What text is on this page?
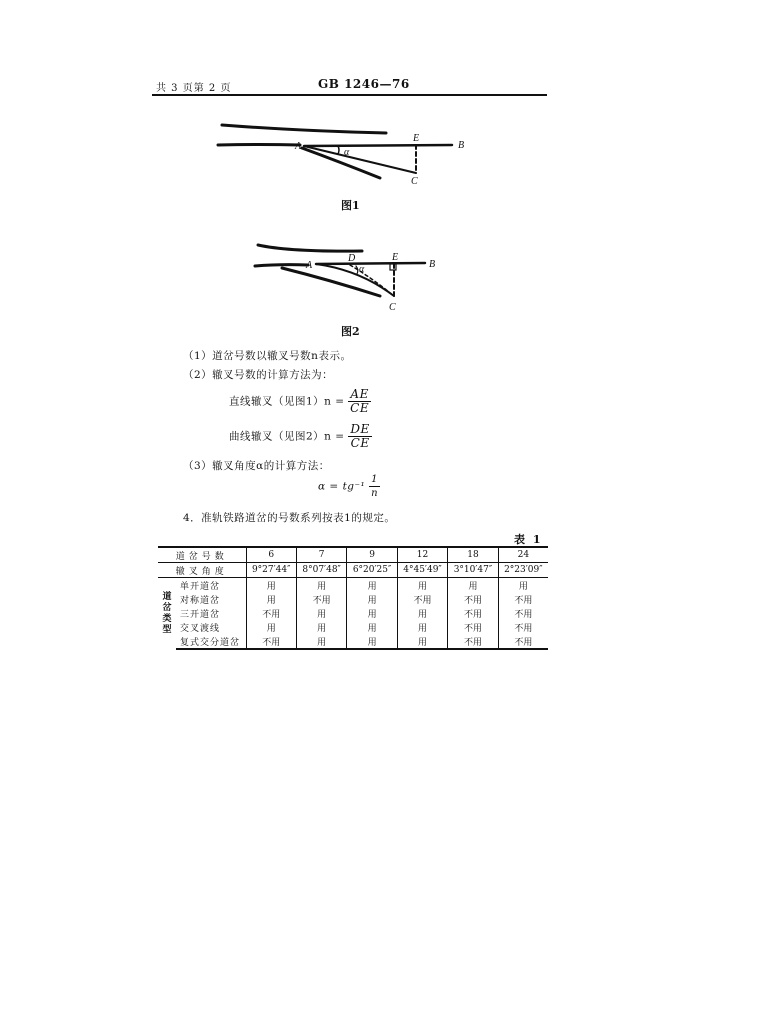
共 3 页第 2 页	GB 1246—76
A
α
E
B
C
A
D
α
E
B
C
图1
图2
（1）道岔号数以辙叉号数n表示。
（2）辙叉号数的计算方法为：
直线辙叉（见图$1)n = \frac{AE}{CE}$
曲线辙叉（见图$2)n = \frac{DE}{CE}$
（3）辙叉角度α的计算方法：
$\alpha = tg^{-1} \frac{1}{n}$
4．准轨铁路道岔的号数系列按表1的规定。
表 1
道岔号数		6	7	9	12	18	24
辙叉角度		9°27′44″	8°07′48″	6°20′25″	4°45′49″	3°10′47″	2°23′09″
道岔类型	单开道岔	用	用	用	用	用	用
	对称道岔	用	不用	用	不用	不用	不用
	三开道岔	不用	用	用	用	不用	不用
	交叉渡线	用	用	用	用	不用	不用
	复式交分道岔	不用	用	用	用	不用	不用
